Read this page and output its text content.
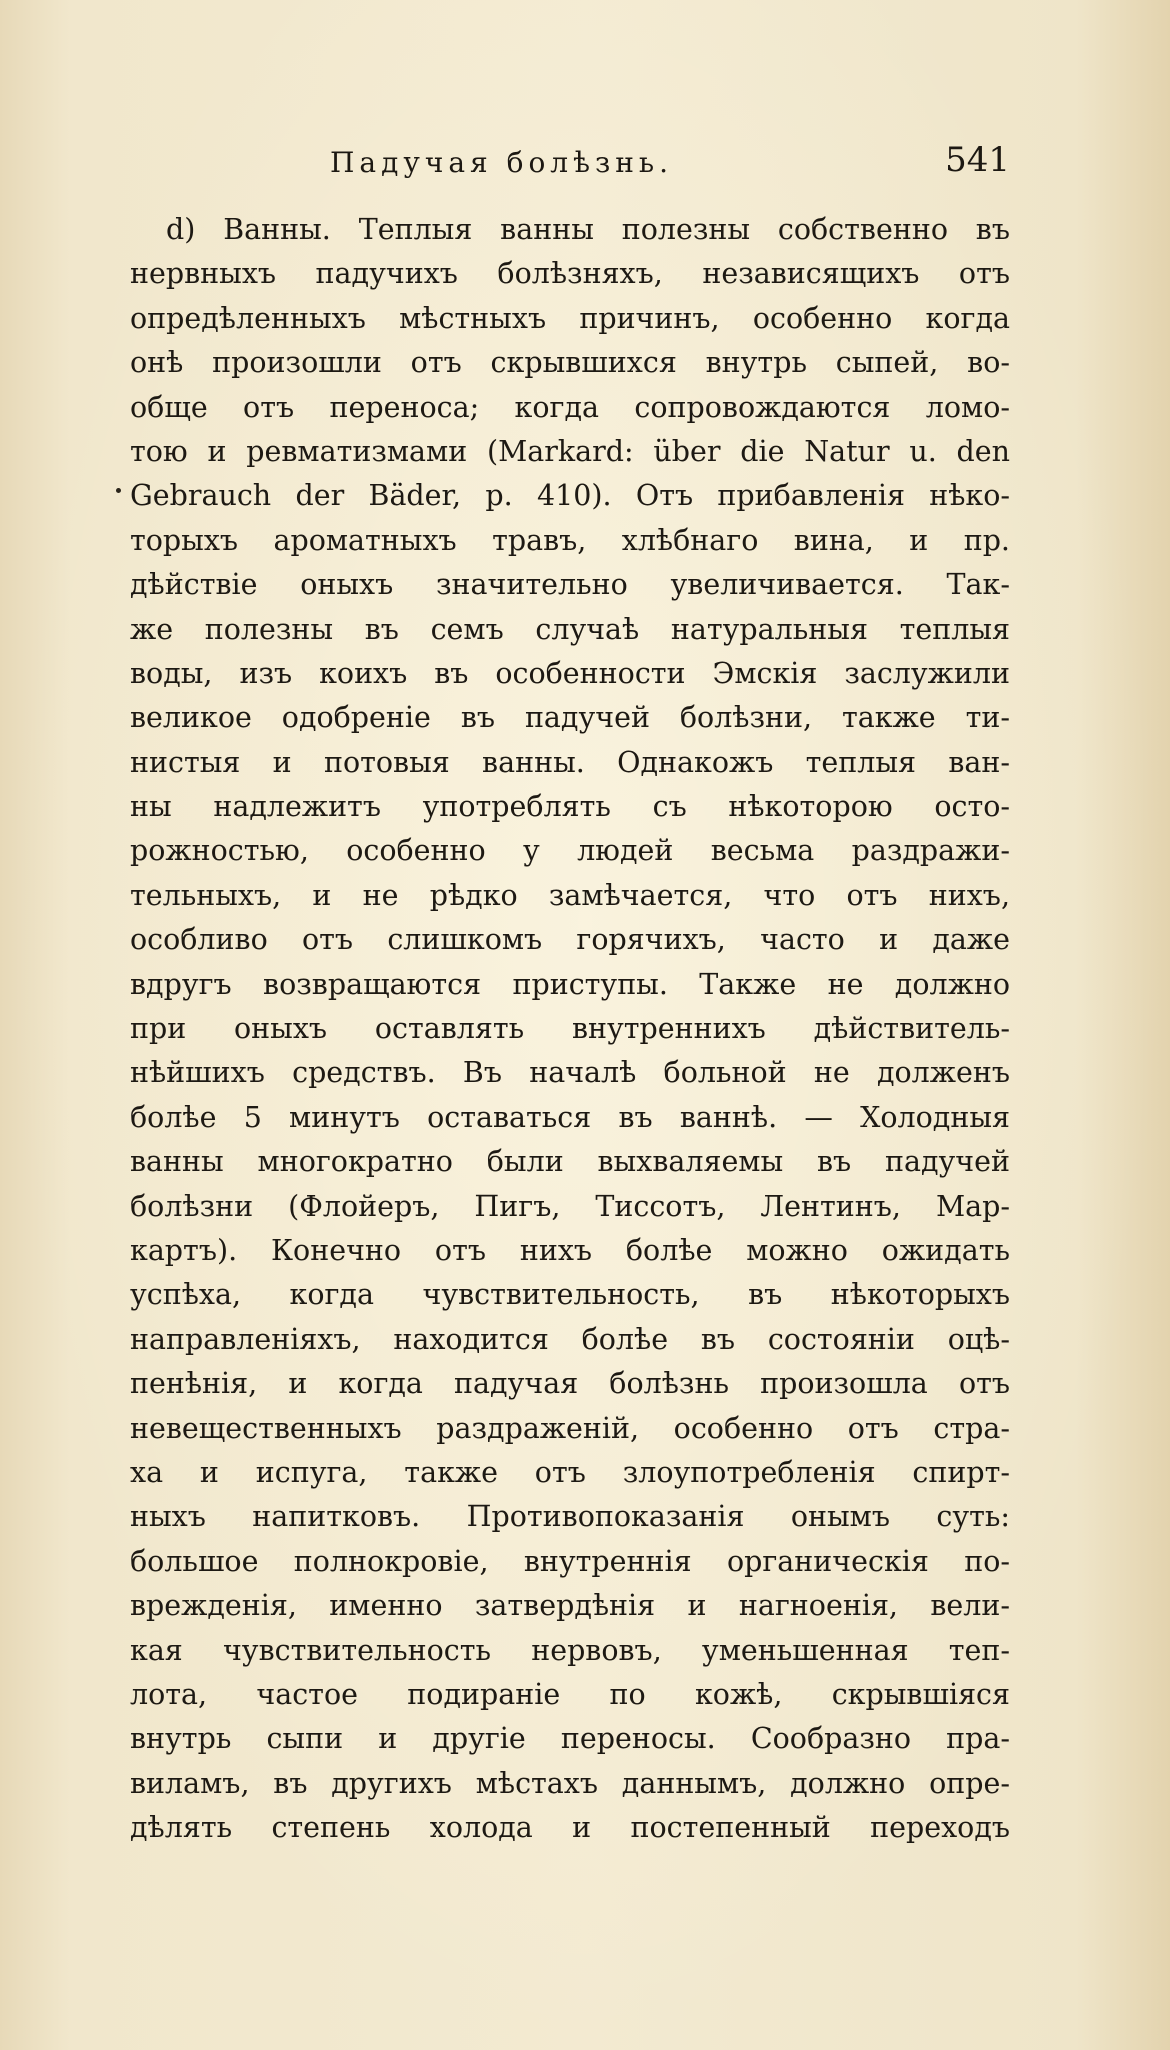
Падучая болѣзнь.	541
d) Ванны. Теплыя ванны полезны собственно въ
нервныхъ падучихъ болѣзняхъ, независящихъ отъ
опредѣленныхъ мѣстныхъ причинъ, особенно когда
онѣ произошли отъ скрывшихся внутрь сыпей, во-
обще отъ переноса; когда сопровождаются ломо-
тою и ревматизмами (Markard: über die Natur u. den
Gebrauch der Bäder, p. 410). Отъ прибавленія нѣко-
торыхъ ароматныхъ травъ, хлѣбнаго вина, и пр.
дѣйствіе оныхъ значительно увеличивается. Так-
же полезны въ семъ случаѣ натуральныя теплыя
воды, изъ коихъ въ особенности Эмскія заслужили
великое одобреніе въ падучей болѣзни, также ти-
нистыя и потовыя ванны. Однакожъ теплыя ван-
ны надлежитъ употреблять съ нѣкоторою осто-
рожностью, особенно у людей весьма раздражи-
тельныхъ, и не рѣдко замѣчается, что отъ нихъ,
особливо отъ слишкомъ горячихъ, часто и даже
вдругъ возвращаются приступы. Также не должно
при оныхъ оставлять внутреннихъ дѣйствитель-
нѣйшихъ средствъ. Въ началѣ больной не долженъ
болѣе 5 минутъ оставаться въ ваннѣ. — Холодныя
ванны многократно были выхваляемы въ падучей
болѣзни (Флойеръ, Пигъ, Тиссотъ, Лентинъ, Мар-
картъ). Конечно отъ нихъ болѣе можно ожидать
успѣха, когда чувствительность, въ нѣкоторыхъ
направленіяхъ, находится болѣе въ состояніи оцѣ-
пенѣнія, и когда падучая болѣзнь произошла отъ
невещественныхъ раздраженій, особенно отъ стра-
ха и испуга, также отъ злоупотребленія спирт-
ныхъ напитковъ. Противопоказанія онымъ суть:
большое полнокровіе, внутреннія органическія по-
врежденія, именно затвердѣнія и нагноенія, вели-
кая чувствительность нервовъ, уменьшенная теп-
лота, частое подираніе по кожѣ, скрывшіяся
внутрь сыпи и другіе переносы. Сообразно пра-
виламъ, въ другихъ мѣстахъ даннымъ, должно опре-
дѣлять степень холода и постепенный переходъ
